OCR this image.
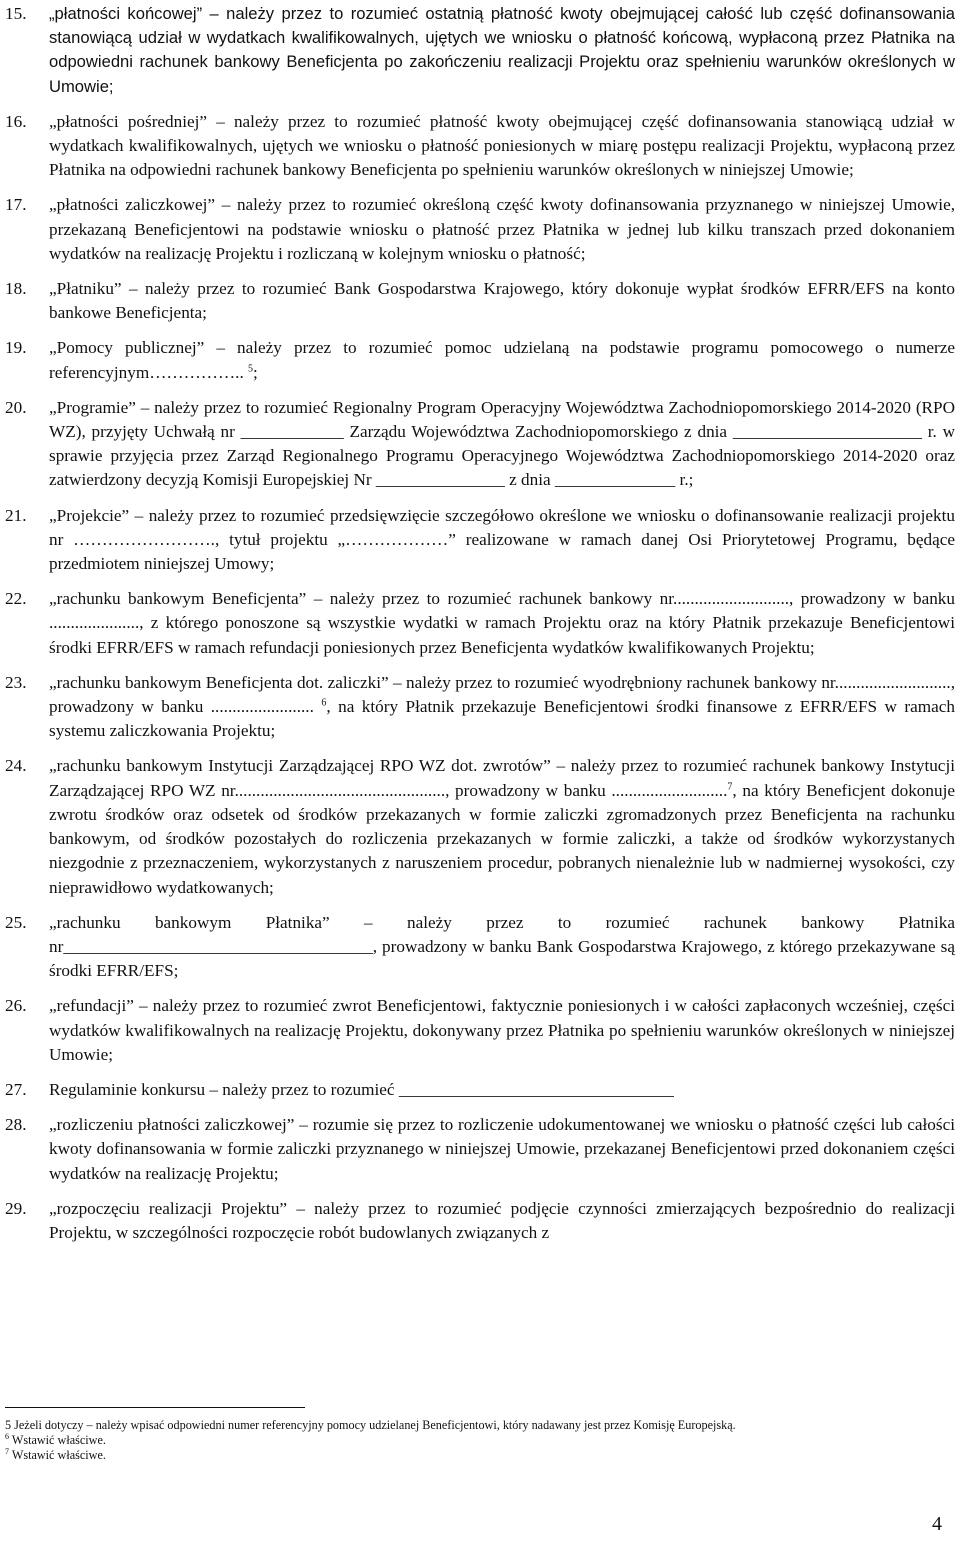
15.	„płatności końcowej” – należy przez to rozumieć ostatnią płatność kwoty obejmującej całość lub część dofinansowania stanowiącą udział w wydatkach kwalifikowalnych, ujętych we wniosku o płatność końcową, wypłaconą przez Płatnika na odpowiedni rachunek bankowy Beneficjenta po zakończeniu realizacji Projektu oraz spełnieniu warunków określonych w Umowie;
16.	„płatności pośredniej” – należy przez to rozumieć płatność kwoty obejmującej część dofinansowania stanowiącą udział w wydatkach kwalifikowalnych, ujętych we wniosku o płatność poniesionych w miarę postępu realizacji Projektu, wypłaconą przez Płatnika na odpowiedni rachunek bankowy Beneficjenta po spełnieniu warunków określonych w niniejszej Umowie;
17.	„płatności zaliczkowej” – należy przez to rozumieć określoną część kwoty dofinansowania przyznanego w niniejszej Umowie, przekazaną Beneficjentowi na podstawie wniosku o płatność przez Płatnika w jednej lub kilku transzach przed dokonaniem wydatków na realizację Projektu i rozliczaną w kolejnym wniosku o płatność;
18.	„Płatniku” – należy przez to rozumieć Bank Gospodarstwa Krajowego, który dokonuje wypłat środków EFRR/EFS na konto bankowe Beneficjenta;
19.	„Pomocy publicznej” – należy przez to rozumieć pomoc udzielaną na podstawie programu pomocowego o numerze referencyjnym…………….. $^5$;
20.	„Programie” – należy przez to rozumieć Regionalny Program Operacyjny Województwa Zachodniopomorskiego 2014-2020 (RPO WZ), przyjęty Uchwałą nr ____________ Zarządu Województwa Zachodniopomorskiego z dnia ______________________ r. w sprawie przyjęcia przez Zarząd Regionalnego Programu Operacyjnego Województwa Zachodniopomorskiego 2014-2020 oraz zatwierdzony decyzją Komisji Europejskiej Nr _______________ z dnia ______________ r.;
21.	„Projekcie” – należy przez to rozumieć przedsięwzięcie szczegółowo określone we wniosku o dofinansowanie realizacji projektu nr ……………………., tytuł projektu „………………” realizowane w ramach danej Osi Priorytetowej Programu, będące przedmiotem niniejszej Umowy;
22.	„rachunku bankowym Beneficjenta” – należy przez to rozumieć rachunek bankowy nr..........................., prowadzony w banku ....................., z którego ponoszone są wszystkie wydatki w ramach Projektu oraz na który Płatnik przekazuje Beneficjentowi środki EFRR/EFS w ramach refundacji poniesionych przez Beneficjenta wydatków kwalifikowanych Projektu;
23.	„rachunku bankowym Beneficjenta dot. zaliczki” – należy przez to rozumieć wyodrębniony rachunek bankowy nr..........................., prowadzony w banku ........................ $^6$, na który Płatnik przekazuje Beneficjentowi środki finansowe z EFRR/EFS w ramach systemu zaliczkowania Projektu;
24.	„rachunku bankowym Instytucji Zarządzającej RPO WZ dot. zwrotów” – należy przez to rozumieć rachunek bankowy Instytucji Zarządzającej RPO WZ nr................................................., prowadzony w banku ...........................$^7$, na który Beneficjent dokonuje zwrotu środków oraz odsetek od środków przekazanych w formie zaliczki zgromadzonych przez Beneficjenta na rachunku bankowym, od środków pozostałych do rozliczenia przekazanych w formie zaliczki, a także od środków wykorzystanych niezgodnie z przeznaczeniem, wykorzystanych z naruszeniem procedur, pobranych nienależnie lub w nadmiernej wysokości, czy nieprawidłowo wydatkowanych;
25.	„rachunku bankowym Płatnika” – należy przez to rozumieć rachunek bankowy Płatnika nr____________________________________, prowadzony w banku Bank Gospodarstwa Krajowego, z którego przekazywane są środki EFRR/EFS;
26.	„refundacji” – należy przez to rozumieć zwrot Beneficjentowi, faktycznie poniesionych i w całości zapłaconych wcześniej, części wydatków kwalifikowalnych na realizację Projektu, dokonywany przez Płatnika po spełnieniu warunków określonych w niniejszej Umowie;
27.	Regulaminie konkursu – należy przez to rozumieć ________________________________
28.	„rozliczeniu płatności zaliczkowej” – rozumie się przez to rozliczenie udokumentowanej we wniosku o płatność części lub całości kwoty dofinansowania w formie zaliczki przyznanego w niniejszej Umowie, przekazanej Beneficjentowi przed dokonaniem części wydatków na realizację Projektu;
29.	„rozpoczęciu realizacji Projektu” – należy przez to rozumieć podjęcie czynności zmierzających bezpośrednio do realizacji Projektu, w szczególności rozpoczęcie robót budowlanych związanych z
5 Jeżeli dotyczy – należy wpisać odpowiedni numer referencyjny pomocy udzielanej Beneficjentowi, który nadawany jest przez Komisję Europejską.
$^6$ Wstawić właściwe.
$^7$ Wstawić właściwe.
4
